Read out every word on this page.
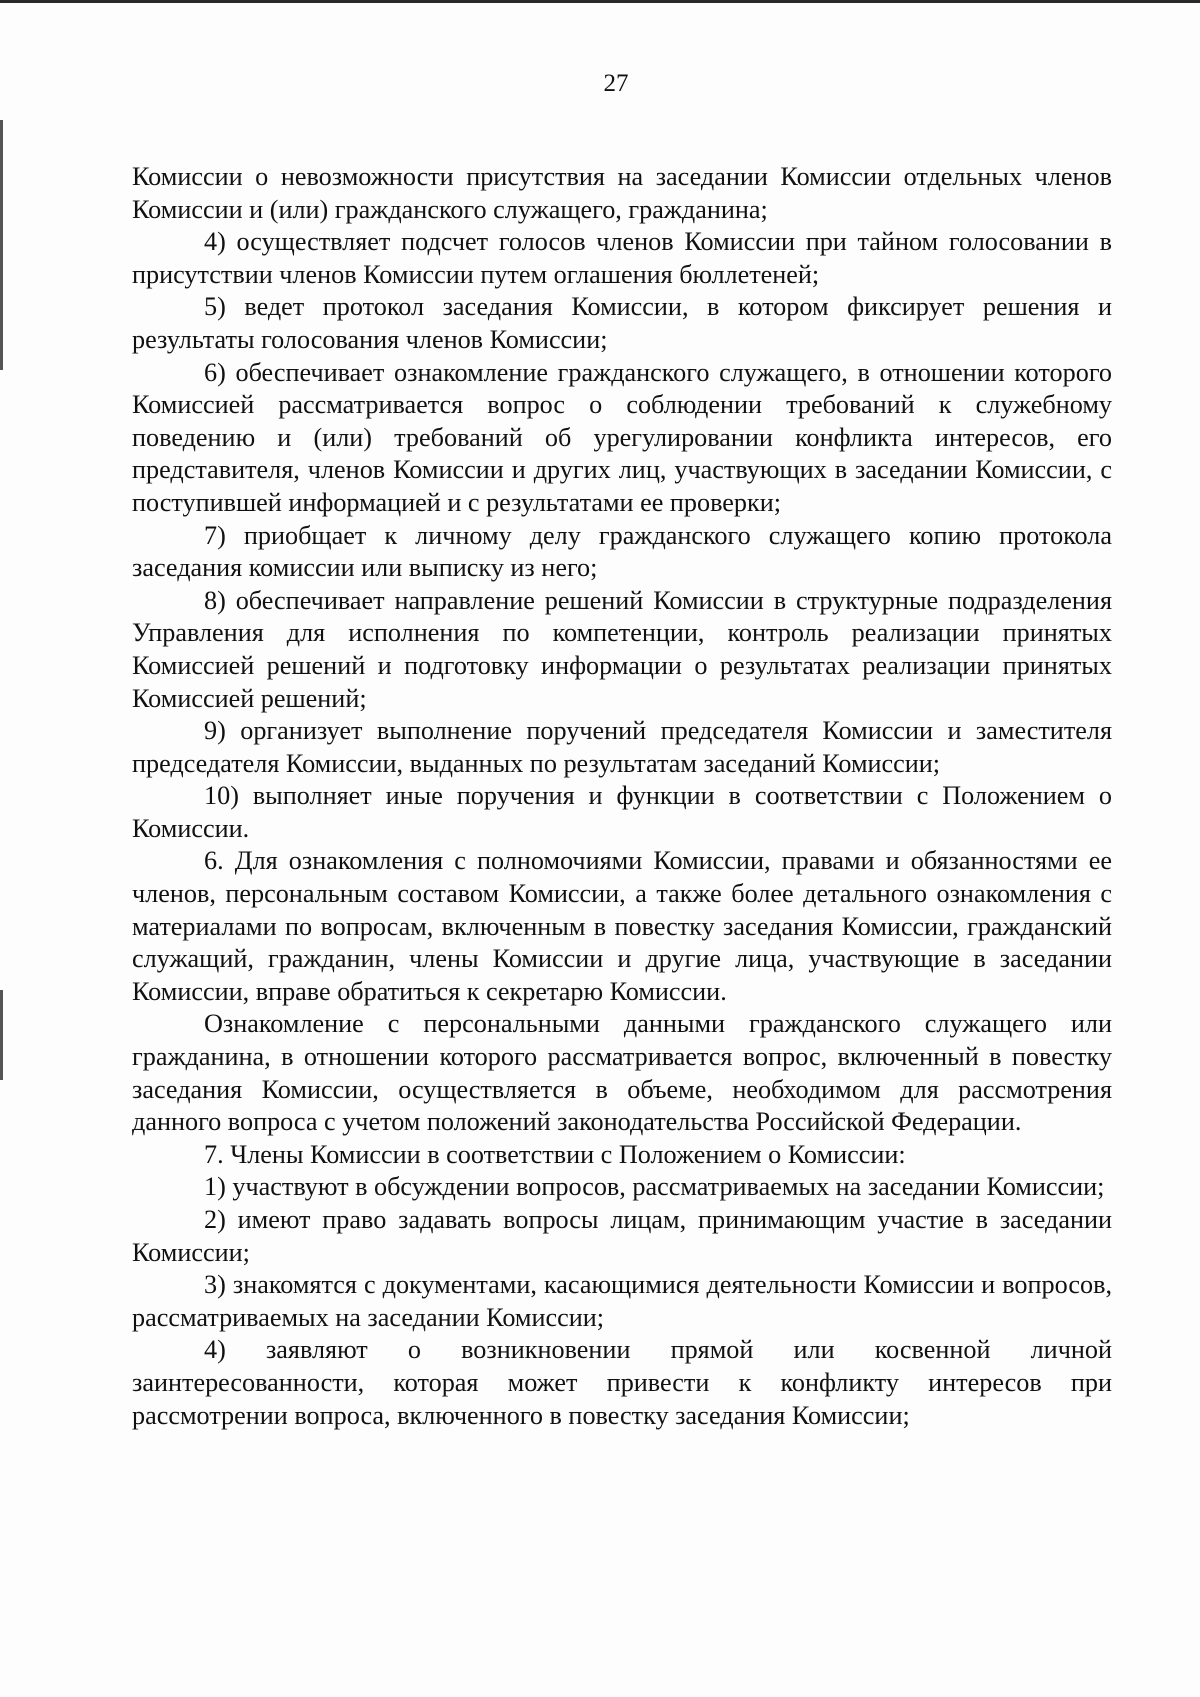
27

Комиссии о невозможности присутствия на заседании Комиссии отдельных членов Комиссии и (или) гражданского служащего, гражданина;

4) осуществляет подсчет голосов членов Комиссии при тайном голосовании в присутствии членов Комиссии путем оглашения бюллетеней;

5) ведет протокол заседания Комиссии, в котором фиксирует решения и результаты голосования членов Комиссии;

6) обеспечивает ознакомление гражданского служащего, в отношении которого Комиссией рассматривается вопрос о соблюдении требований к служебному поведению и (или) требований об урегулировании конфликта интересов, его представителя, членов Комиссии и других лиц, участвующих в заседании Комиссии, с поступившей информацией и с результатами ее проверки;

7) приобщает к личному делу гражданского служащего копию протокола заседания комиссии или выписку из него;

8) обеспечивает направление решений Комиссии в структурные подразделения Управления для исполнения по компетенции, контроль реализации принятых Комиссией решений и подготовку информации о результатах реализации принятых Комиссией решений;

9) организует выполнение поручений председателя Комиссии и заместителя председателя Комиссии, выданных по результатам заседаний Комиссии;

10) выполняет иные поручения и функции в соответствии с Положением о Комиссии.

6. Для ознакомления с полномочиями Комиссии, правами и обязанностями ее членов, персональным составом Комиссии, а также более детального ознакомления с материалами по вопросам, включенным в повестку заседания Комиссии, гражданский служащий, гражданин, члены Комиссии и другие лица, участвующие в заседании Комиссии, вправе обратиться к секретарю Комиссии.

Ознакомление с персональными данными гражданского служащего или гражданина, в отношении которого рассматривается вопрос, включенный в повестку заседания Комиссии, осуществляется в объеме, необходимом для рассмотрения данного вопроса с учетом положений законодательства Российской Федерации.

7. Члены Комиссии в соответствии с Положением о Комиссии:

1) участвуют в обсуждении вопросов, рассматриваемых на заседании Комиссии;

2) имеют право задавать вопросы лицам, принимающим участие в заседании Комиссии;

3) знакомятся с документами, касающимися деятельности Комиссии и вопросов, рассматриваемых на заседании Комиссии;

4) заявляют о возникновении прямой или косвенной личной заинтересованности, которая может привести к конфликту интересов при рассмотрении вопроса, включенного в повестку заседания Комиссии;
